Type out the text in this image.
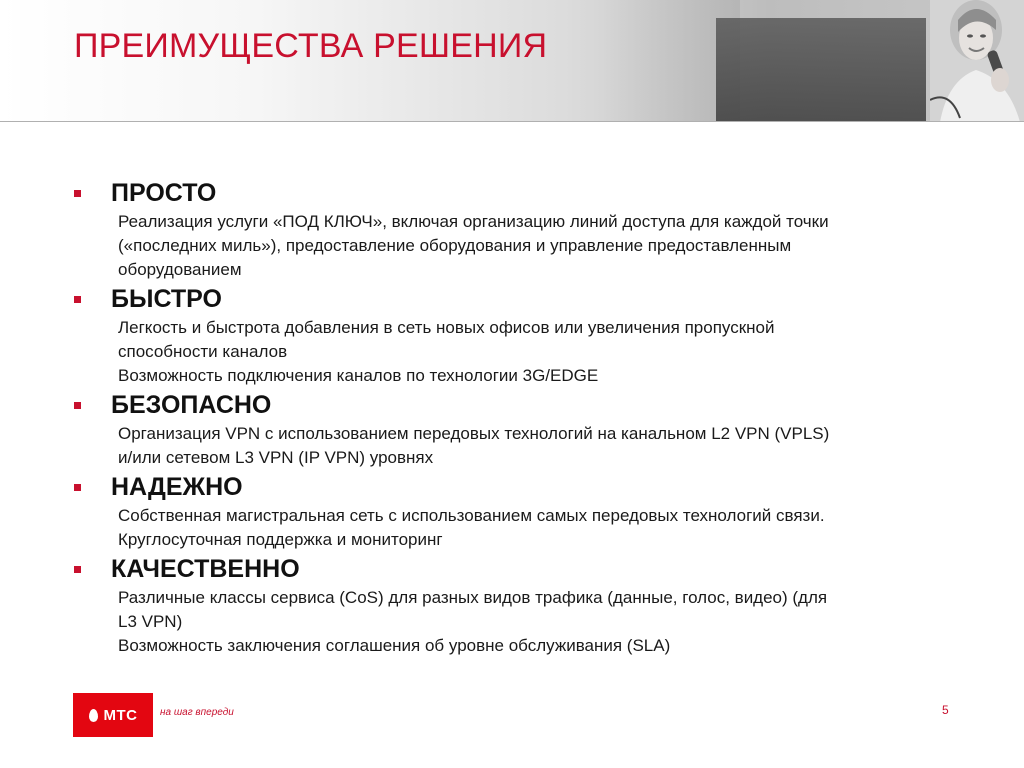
ПРЕИМУЩЕСТВА РЕШЕНИЯ
ПРОСТО
Реализация услуги «ПОД КЛЮЧ», включая организацию линий доступа для каждой точки
(«последних миль»), предоставление оборудования и управление предоставленным
оборудованием
БЫСТРО
Легкость и быстрота добавления в сеть новых офисов или увеличения пропускной
способности каналов
Возможность подключения каналов по технологии 3G/EDGE
БЕЗОПАСНО
Организация VPN с использованием передовых технологий на канальном L2 VPN (VPLS)
и/или сетевом L3 VPN (IP VPN) уровнях
НАДЕЖНО
Собственная магистральная сеть с использованием самых передовых технологий связи.
Круглосуточная поддержка и мониторинг
КАЧЕСТВЕННО
Различные классы сервиса (CoS) для разных видов трафика (данные, голос, видео) (для
L3 VPN)
Возможность заключения соглашения об уровне обслуживания (SLA)
МТС на шаг впереди	5
